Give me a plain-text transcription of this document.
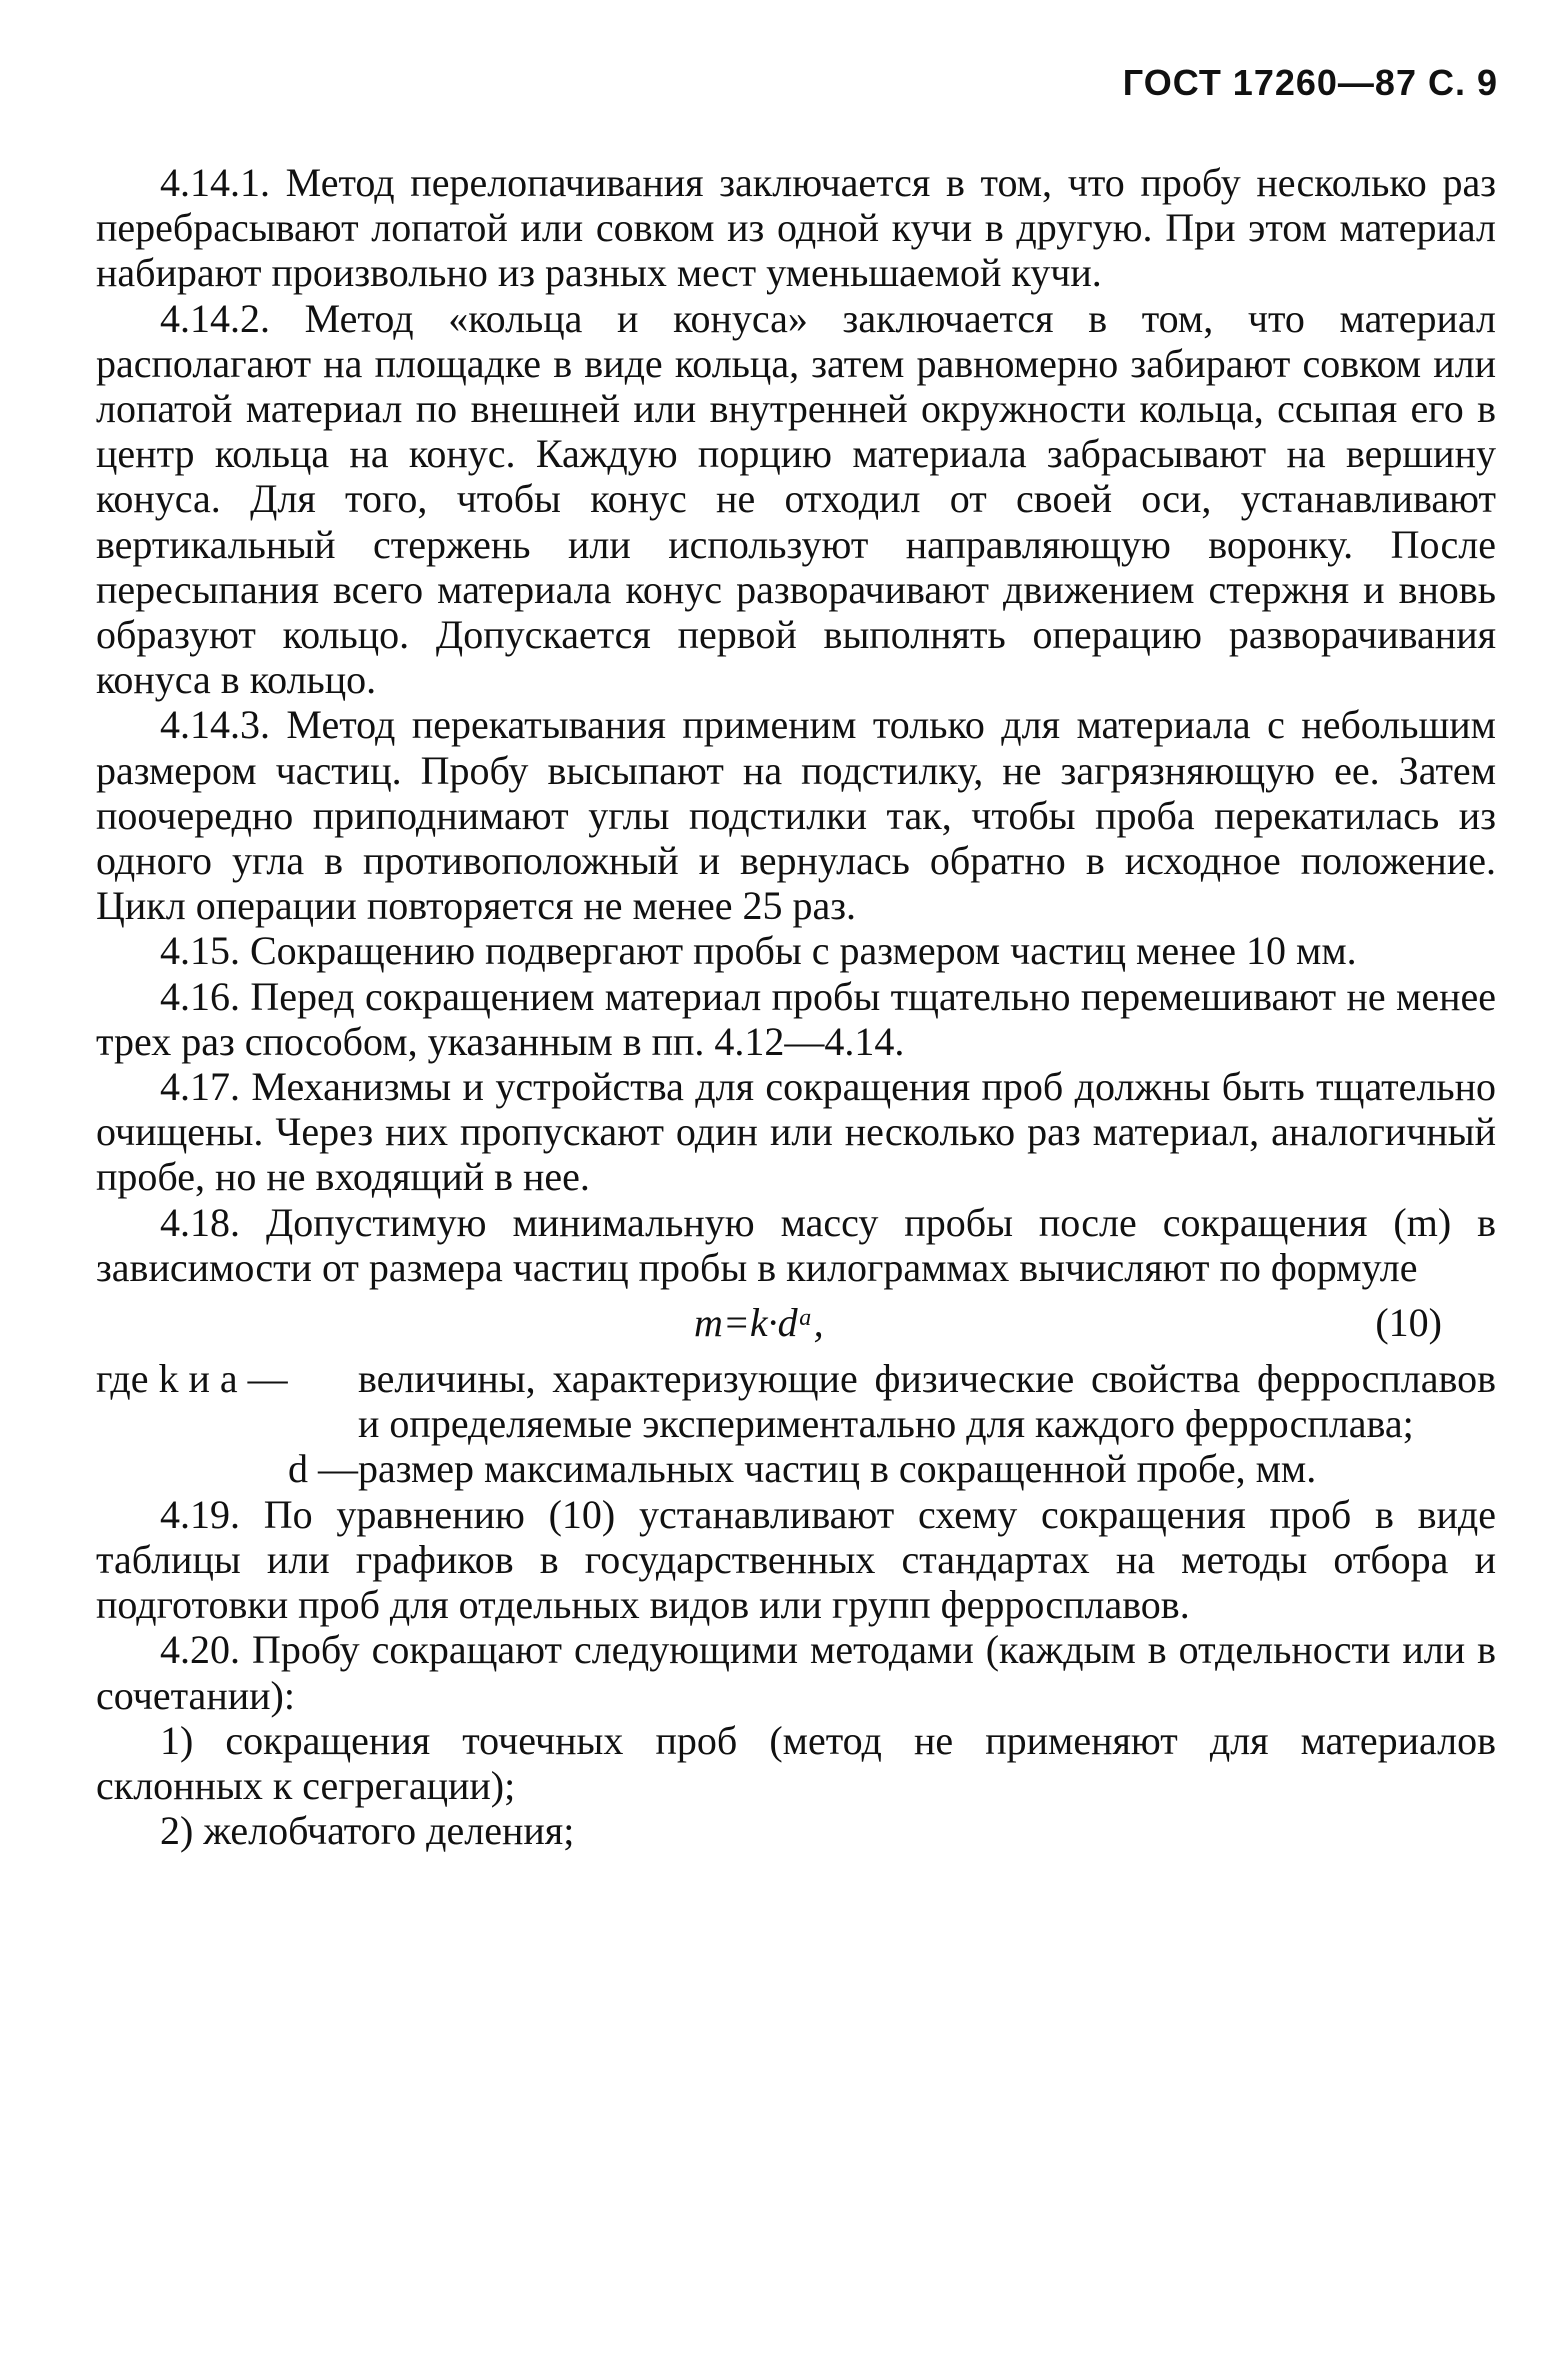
ГОСТ 17260—87 С. 9

4.14.1. Метод перелопачивания заключается в том, что пробу несколько раз перебрасывают лопатой или совком из одной кучи в другую. При этом материал набирают произвольно из разных мест уменьшаемой кучи.

4.14.2. Метод «кольца и конуса» заключается в том, что материал располагают на площадке в виде кольца, затем равномерно забирают совком или лопатой материал по внешней или внутренней окружности кольца, ссыпая его в центр кольца на конус. Каждую порцию материала забрасывают на вершину конуса. Для того, чтобы конус не отходил от своей оси, устанавливают вертикальный стержень или используют направляющую воронку. После пересыпания всего материала конус разворачивают движением стержня и вновь образуют кольцо. Допускается первой выполнять операцию разворачивания конуса в кольцо.

4.14.3. Метод перекатывания применим только для материала с небольшим размером частиц. Пробу высыпают на подстилку, не загрязняющую ее. Затем поочередно приподнимают углы подстилки так, чтобы проба перекатилась из одного угла в противоположный и вернулась обратно в исходное положение. Цикл операции повторяется не менее 25 раз.

4.15. Сокращению подвергают пробы с размером частиц менее 10 мм.

4.16. Перед сокращением материал пробы тщательно перемешивают не менее трех раз способом, указанным в пп. 4.12—4.14.

4.17. Механизмы и устройства для сокращения проб должны быть тщательно очищены. Через них пропускают один или несколько раз материал, аналогичный пробе, но не входящий в нее.

4.18. Допустимую минимальную массу пробы после сокращения (m) в зависимости от размера частиц пробы в килограммах вычисляют по формуле

m=k·dᵃ,	(10)
где k и a —	величины, характеризующие физические свойства ферросплавов и определяемые экспериментально для каждого ферросплава;
d — размер максимальных частиц в сокращенной пробе, мм.

4.19. По уравнению (10) устанавливают схему сокращения проб в виде таблицы или графиков в государственных стандартах на методы отбора и подготовки проб для отдельных видов или групп ферросплавов.

4.20. Пробу сокращают следующими методами (каждым в отдельности или в сочетании):

1) сокращения точечных проб (метод не применяют для материалов склонных к сегрегации);

2) желобчатого деления;
